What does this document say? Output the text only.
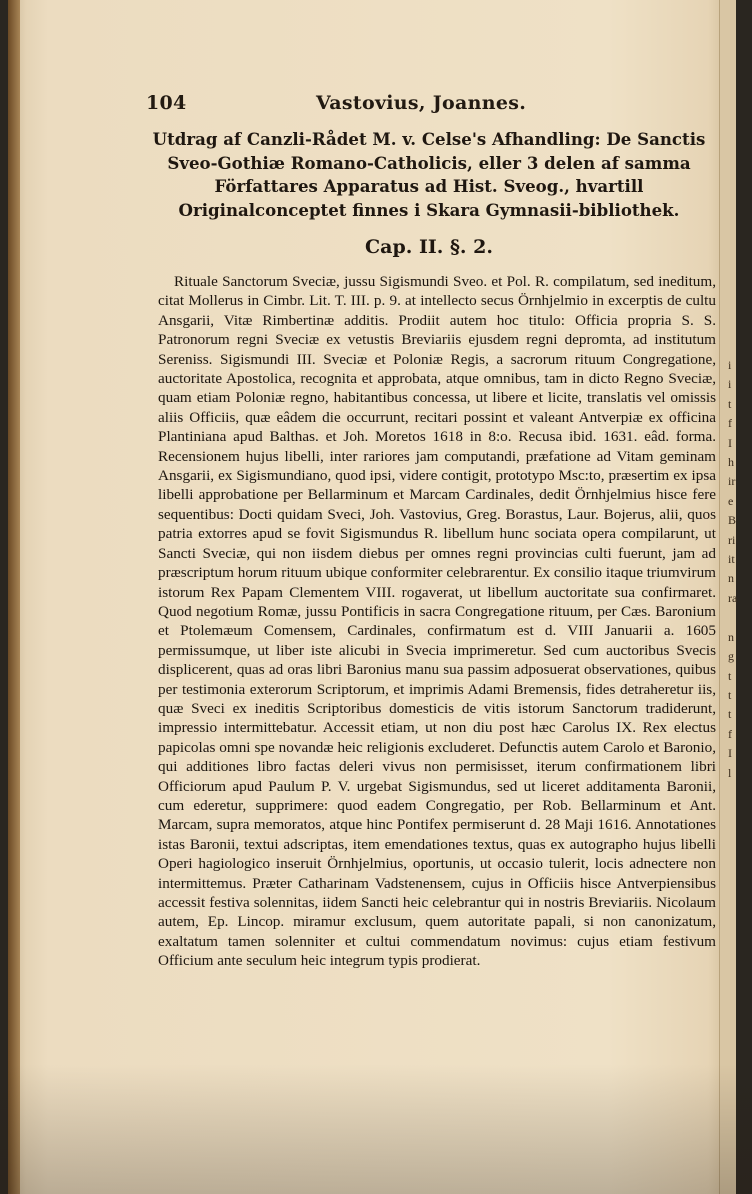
104	Vastovius, Joannes.
Utdrag af Canzli-Rådet M. v. Celse's Afhandling: De Sanctis Sveo-Gothiæ Romano-Catholicis, eller 3 delen af samma Författares Apparatus ad Hist. Sveog., hvartill Originalconceptet finnes i Skara Gymnasii-bibliothek.
Cap. II. §. 2.
Rituale Sanctorum Sveciæ, jussu Sigismundi Sveo. et Pol. R. compilatum, sed ineditum, citat Mollerus in Cimbr. Lit. T. III. p. 9. at intellecto secus Örnhjelmio in excerptis de cultu Ansgarii, Vitæ Rimbertinæ additis. Prodiit autem hoc titulo: Officia propria S. S. Patronorum regni Sveciæ ex vetustis Breviariis ejusdem regni depromta, ad institutum Sereniss. Sigismundi III. Sveciæ et Poloniæ Regis, a sacrorum rituum Congregatione, auctoritate Apostolica, recognita et approbata, atque omnibus, tam in dicto Regno Sveciæ, quam etiam Poloniæ regno, habitantibus concessa, ut libere et licite, translatis vel omissis aliis Officiis, quæ eâdem die occurrunt, recitari possint et valeant Antverpiæ ex officina Plantiniana apud Balthas. et Joh. Moretos 1618 in 8:o. Recusa ibid. 1631. eâd. forma. Recensionem hujus libelli, inter rariores jam computandi, præfatione ad Vitam geminam Ansgarii, ex Sigismundiano, quod ipsi, videre contigit, prototypo Msc:to, præsertim ex ipsa libelli approbatione per Bellarminum et Marcam Cardinales, dedit Örnhjelmius hisce fere sequentibus: Docti quidam Sveci, Joh. Vastovius, Greg. Borastus, Laur. Bojerus, alii, quos patria extorres apud se fovit Sigismundus R. libellum hunc sociata opera compilarunt, ut Sancti Sveciæ, qui non iisdem diebus per omnes regni provincias culti fuerunt, jam ad præscriptum horum rituum ubique conformiter celebrarentur. Ex consilio itaque triumvirum istorum Rex Papam Clementem VIII. rogaverat, ut libellum auctoritate sua confirmaret. Quod negotium Romæ, jussu Pontificis in sacra Congregatione rituum, per Cæs. Baronium et Ptolemæum Comensem, Cardinales, confirmatum est d. VIII Januarii a. 1605 permissumque, ut liber iste alicubi in Svecia imprimeretur. Sed cum auctoribus Svecis displicerent, quas ad oras libri Baronius manu sua passim adposuerat observationes, quibus per testimonia exterorum Scriptorum, et imprimis Adami Bremensis, fides detraheretur iis, quæ Sveci ex ineditis Scriptoribus domesticis de vitis istorum Sanctorum tradiderunt, impressio intermittebatur. Accessit etiam, ut non diu post hæc Carolus IX. Rex electus papicolas omni spe novandæ heic religionis excluderet. Defunctis autem Carolo et Baronio, qui additiones libro factas deleri vivus non permisisset, iterum confirmationem libri Officiorum apud Paulum P. V. urgebat Sigismundus, sed ut liceret additamenta Baronii, cum ederetur, supprimere: quod eadem Congregatio, per Rob. Bellarminum et Ant. Marcam, supra memoratos, atque hinc Pontifex permiserunt d. 28 Maji 1616. Annotationes istas Baronii, textui adscriptas, item emendationes textus, quas ex autographo hujus libelli Operi hagiologico inseruit Örnhjelmius, oportunis, ut occasio tulerit, locis adnectere non intermittemus. Præter Catharinam Vadstenensem, cujus in Officiis hisce Antverpiensibus accessit festiva solennitas, iidem Sancti heic celebrantur qui in nostris Breviariis. Nicolaum autem, Ep. Lincop. miramur exclusum, quem autoritate papali, si non canonizatum, exaltatum tamen solenniter et cultui commendatum novimus: cujus etiam festivum Officium ante seculum heic integrum typis prodierat.
i
i
t
f
I
h
ir
e
B
ri
it
n
ra

n
g
t
t
t
f
I
l
